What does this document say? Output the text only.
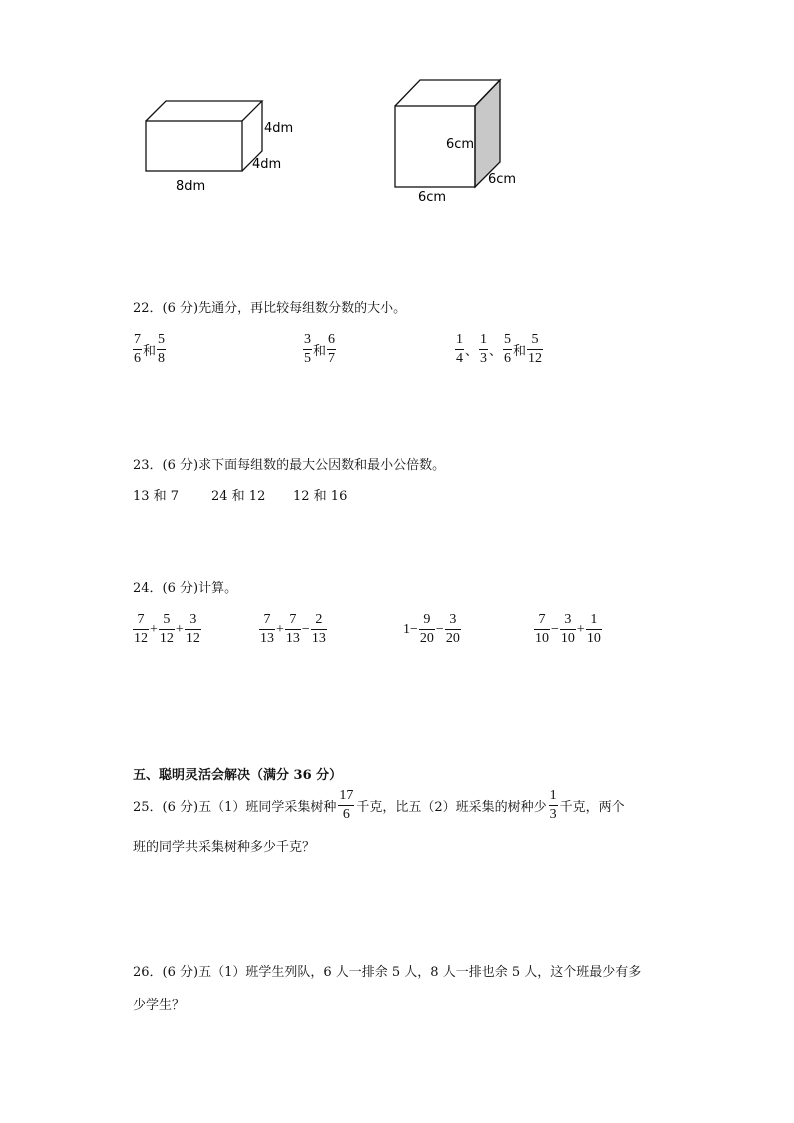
4dm
4dm
8dm
6cm
6cm
6cm
22．(6 分)先通分，再比较每组数分数的大小。
$\frac{7}{6}$ 和 $\frac{5}{8}$	$\frac{3}{5}$ 和 $\frac{6}{7}$	$\frac{1}{4}$ 、 $\frac{1}{3}$ 、 $\frac{5}{6}$ 和 $\frac{5}{12}$
23．(6 分)求下面每组数的最大公因数和最小公倍数。
13 和 7 24 和 12 12 和 16
24．(6 分)计算。
$\frac{7}{12} + \frac{5}{12} + \frac{3}{12}$	$\frac{7}{13} + \frac{7}{13} - \frac{2}{13}$	$1- \frac{9}{20} - \frac{3}{20}$	$\frac{7}{10} - \frac{3}{10} + \frac{1}{10}$
五、聪明灵活会解决（满分 36 分）
25．(6 分)五（1）班同学采集树种 $\frac{17}{6}$ 千克，比五（2）班采集的树种少 $\frac{1}{3}$ 千克，两个
班的同学共采集树种多少千克？
26．(6 分)五（1）班学生列队，6 人一排余 5 人，8 人一排也余 5 人，这个班最少有多
少学生？
